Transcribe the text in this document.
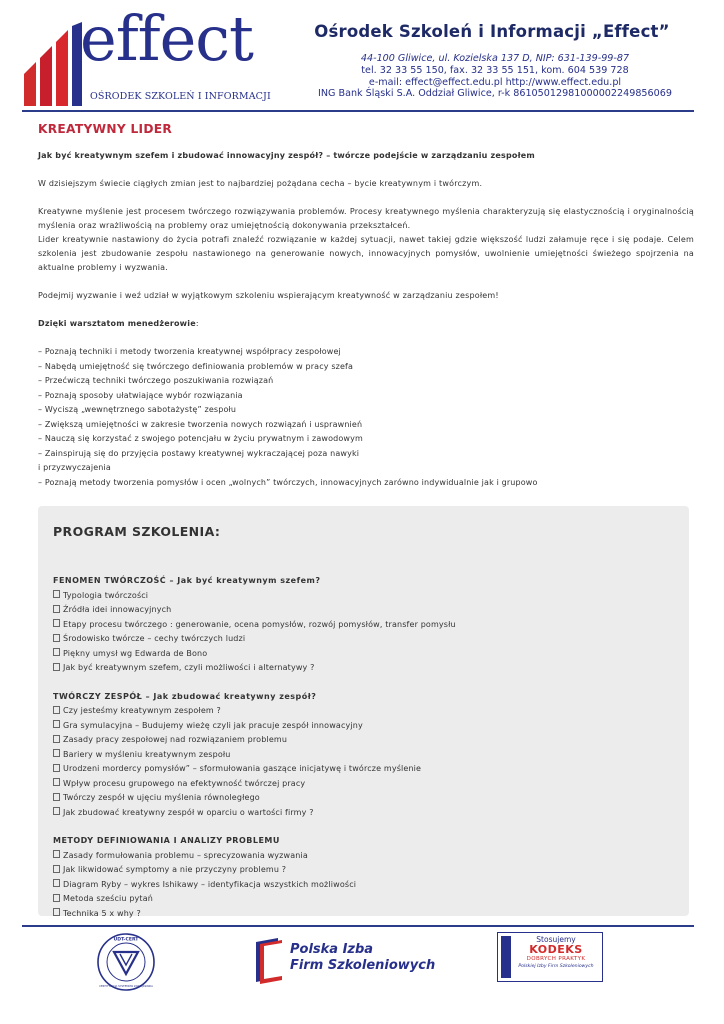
effect
OŚRODEK SZKOLEŃ I INFORMACJI
Ośrodek Szkoleń i Informacji „Effect”
44-100 Gliwice, ul. Kozielska 137 D, NIP: 631-139-99-87
tel. 32 33 55 150, fax. 32 33 55 151, kom. 604 539 728
e-mail: effect@effect.edu.pl http://www.effect.edu.pl
ING Bank Śląski S.A. Oddział Gliwice, r-k 86105012981000002249856069
KREATYWNY LIDER

Jak być kreatywnym szefem i zbudować innowacyjny zespół? – twórcze podejście w zarządzaniu zespołem

W dzisiejszym świecie ciągłych zmian jest to najbardziej pożądana cecha – bycie kreatywnym i twórczym.

Kreatywne myślenie jest procesem twórczego rozwiązywania problemów. Procesy kreatywnego myślenia charakteryzują się elastycznością i oryginalnością myślenia oraz wrażliwością na problemy oraz umiejętnością dokonywania przekształceń.

Lider kreatywnie nastawiony do życia potrafi znaleźć rozwiązanie w każdej sytuacji, nawet takiej gdzie większość ludzi załamuje ręce i się podaje. Celem szkolenia jest zbudowanie zespołu nastawionego na generowanie nowych, innowacyjnych pomysłów, uwolnienie umiejętności świeżego spojrzenia na aktualne problemy i wyzwania.

Podejmij wyzwanie i weź udział w wyjątkowym szkoleniu wspierającym kreatywność w zarządzaniu zespołem!

Dzięki warsztatom menedżerowie:

– Poznają techniki i metody tworzenia kreatywnej współpracy zespołowej

– Nabędą umiejętność się twórczego definiowania problemów w pracy szefa

– Przećwiczą techniki twórczego poszukiwania rozwiązań

– Poznają sposoby ułatwiające wybór rozwiązania

– Wyciszą „wewnętrznego sabotażystę” zespołu

– Zwiększą umiejętności w zakresie tworzenia nowych rozwiązań i usprawnień

– Nauczą się korzystać z swojego potencjału w życiu prywatnym i zawodowym

– Zainspirują się do przyjęcia postawy kreatywnej wykraczającej poza nawyki

i przyzwyczajenia

– Poznają metody tworzenia pomysłów i ocen „wolnych” twórczych, innowacyjnych zarówno indywidualnie jak i grupowo

PROGRAM SZKOLENIA:

FENOMEN TWÓRCZOŚĆ – Jak być kreatywnym szefem?

Typologia twórczości

Źródła idei innowacyjnych

Etapy procesu twórczego : generowanie, ocena pomysłów, rozwój pomysłów, transfer pomysłu

Środowisko twórcze – cechy twórczych ludzi

Piękny umysł wg Edwarda de Bono

Jak być kreatywnym szefem, czyli możliwości i alternatywy ?

TWÓRCZY ZESPÓŁ – Jak zbudować kreatywny zespół?

Czy jesteśmy kreatywnym zespołem ?

Gra symulacyjna – Budujemy wieżę czyli jak pracuje zespół innowacyjny

Zasady pracy zespołowej nad rozwiązaniem problemu

Bariery w myśleniu kreatywnym zespołu

Urodzeni mordercy pomysłów” – sformułowania gaszące inicjatywę i twórcze myślenie

Wpływ procesu grupowego na efektywność twórczej pracy

Twórczy zespół w ujęciu myślenia równoległego

Jak zbudować kreatywny zespół w oparciu o wartości firmy ?

METODY DEFINIOWANIA I ANALIZY PROBLEMU

Zasady formułowania problemu – sprecyzowania wyzwania

Jak likwidować symptomy a nie przyczyny problemu ?

Diagram Ryby – wykres Ishikawy – identyfikacja wszystkich możliwości

Metoda sześciu pytań

Technika 5 x why ?

UDT-CERT
CERTYFIKACJA SYSTEMÓW ZARZĄDZANIA
Polska Izba
Firm Szkoleniowych
Stosujemy
KODEKS
DOBRYCH PRAKTYK
Polskiej Izby Firm Szkoleniowych
